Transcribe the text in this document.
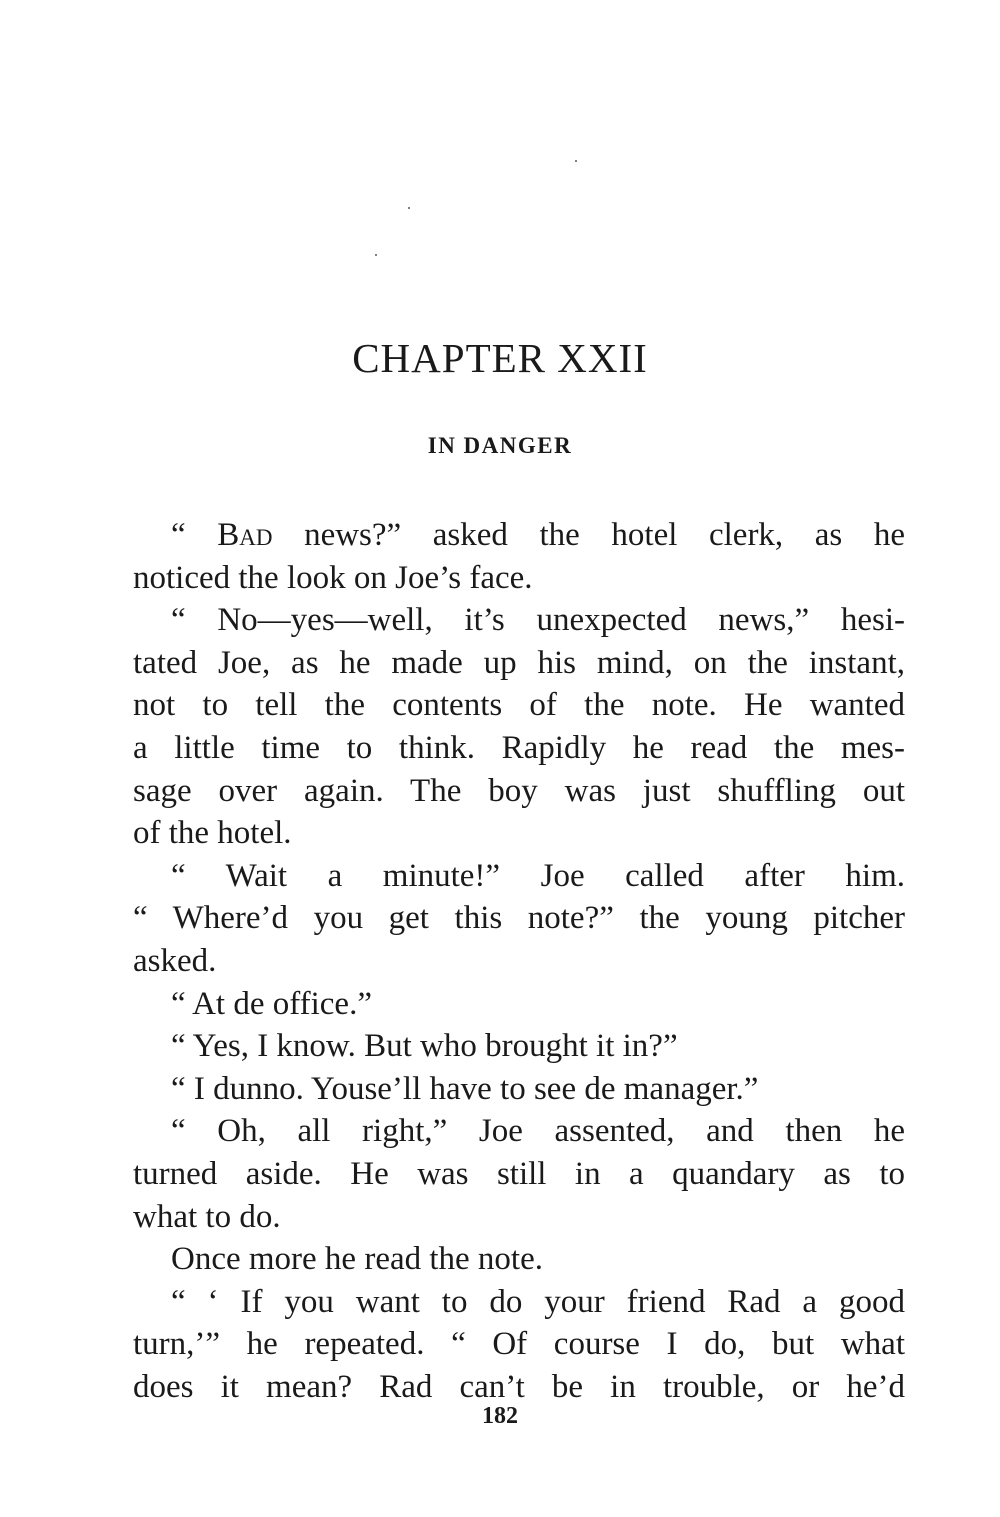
CHAPTER XXII
IN DANGER
“ Bad news?” asked the hotel clerk, as he
noticed the look on Joe’s face.
“ No—yes—well, it’s unexpected news,” hesi-
tated Joe, as he made up his mind, on the instant,
not to tell the contents of the note. He wanted
a little time to think. Rapidly he read the mes-
sage over again. The boy was just shuffling out
of the hotel.
“ Wait a minute!” Joe called after him.
“ Where’d you get this note?” the young pitcher
asked.
“ At de office.”
“ Yes, I know. But who brought it in?”
“ I dunno. Youse’ll have to see de manager.”
“ Oh, all right,” Joe assented, and then he
turned aside. He was still in a quandary as to
what to do.
Once more he read the note.
“ ‘ If you want to do your friend Rad a good
turn,’” he repeated. “ Of course I do, but what
does it mean? Rad can’t be in trouble, or he’d
182
